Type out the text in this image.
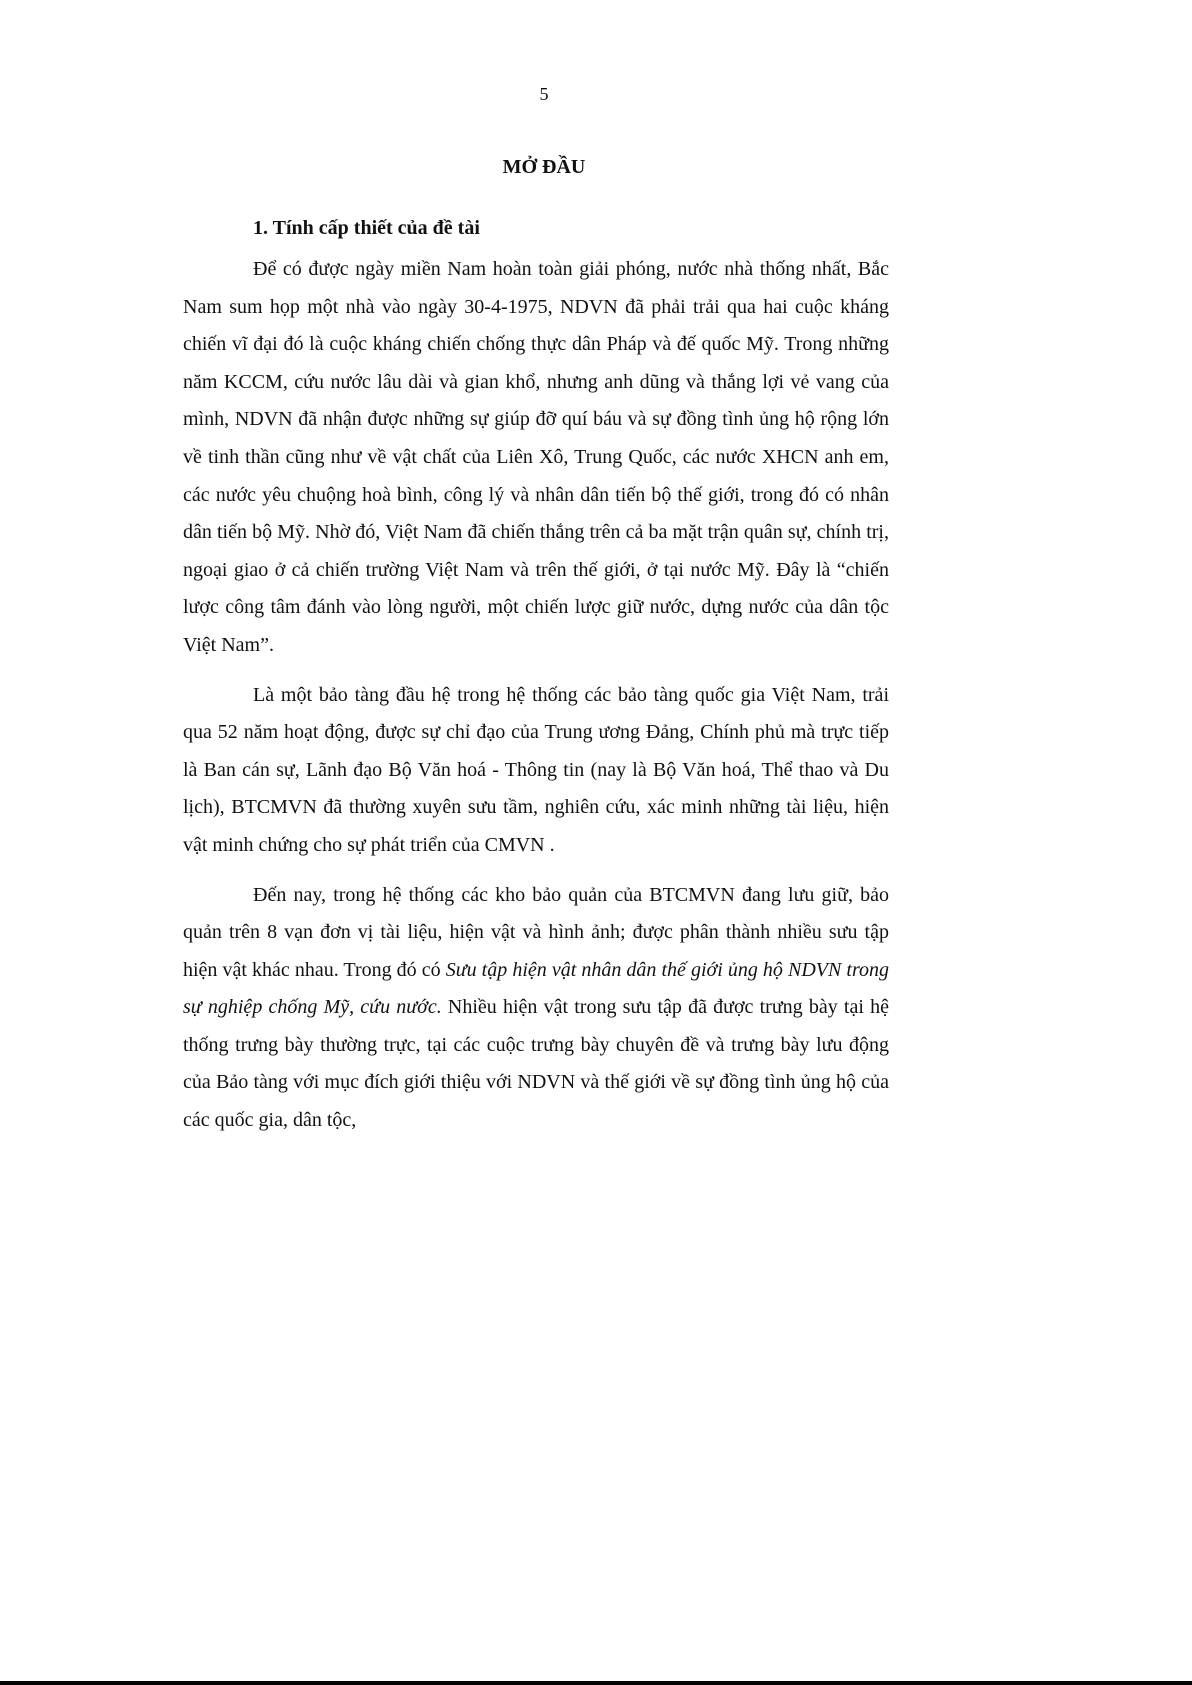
5
MỞ ĐẦU
1. Tính cấp thiết của đề tài

Để có được ngày miền Nam hoàn toàn giải phóng, nước nhà thống nhất, Bắc Nam sum họp một nhà vào ngày 30-4-1975, NDVN đã phải trải qua hai cuộc kháng chiến vĩ đại đó là cuộc kháng chiến chống thực dân Pháp và đế quốc Mỹ. Trong những năm KCCM, cứu nước lâu dài và gian khổ, nhưng anh dũng và thắng lợi vẻ vang của mình, NDVN đã nhận được những sự giúp đỡ quí báu và sự đồng tình ủng hộ rộng lớn về tinh thần cũng như về vật chất của Liên Xô, Trung Quốc, các nước XHCN anh em, các nước yêu chuộng hoà bình, công lý và nhân dân tiến bộ thế giới, trong đó có nhân dân tiến bộ Mỹ. Nhờ đó, Việt Nam đã chiến thắng trên cả ba mặt trận quân sự, chính trị, ngoại giao ở cả chiến trường Việt Nam và trên thế giới, ở tại nước Mỹ. Đây là “chiến lược công tâm đánh vào lòng người, một chiến lược giữ nước, dựng nước của dân tộc Việt Nam”.

Là một bảo tàng đầu hệ trong hệ thống các bảo tàng quốc gia Việt Nam, trải qua 52 năm hoạt động, được sự chỉ đạo của Trung ương Đảng, Chính phủ mà trực tiếp là Ban cán sự, Lãnh đạo Bộ Văn hoá - Thông tin (nay là Bộ Văn hoá, Thể thao và Du lịch), BTCMVN đã thường xuyên sưu tầm, nghiên cứu, xác minh những tài liệu, hiện vật minh chứng cho sự phát triển của CMVN .

Đến nay, trong hệ thống các kho bảo quản của BTCMVN đang lưu giữ, bảo quản trên 8 vạn đơn vị tài liệu, hiện vật và hình ảnh; được phân thành nhiều sưu tập hiện vật khác nhau. Trong đó có Sưu tập hiện vật nhân dân thế giới ủng hộ NDVN trong sự nghiệp chống Mỹ, cứu nước. Nhiều hiện vật trong sưu tập đã được trưng bày tại hệ thống trưng bày thường trực, tại các cuộc trưng bày chuyên đề và trưng bày lưu động của Bảo tàng với mục đích giới thiệu với NDVN và thế giới về sự đồng tình ủng hộ của các quốc gia, dân tộc,
